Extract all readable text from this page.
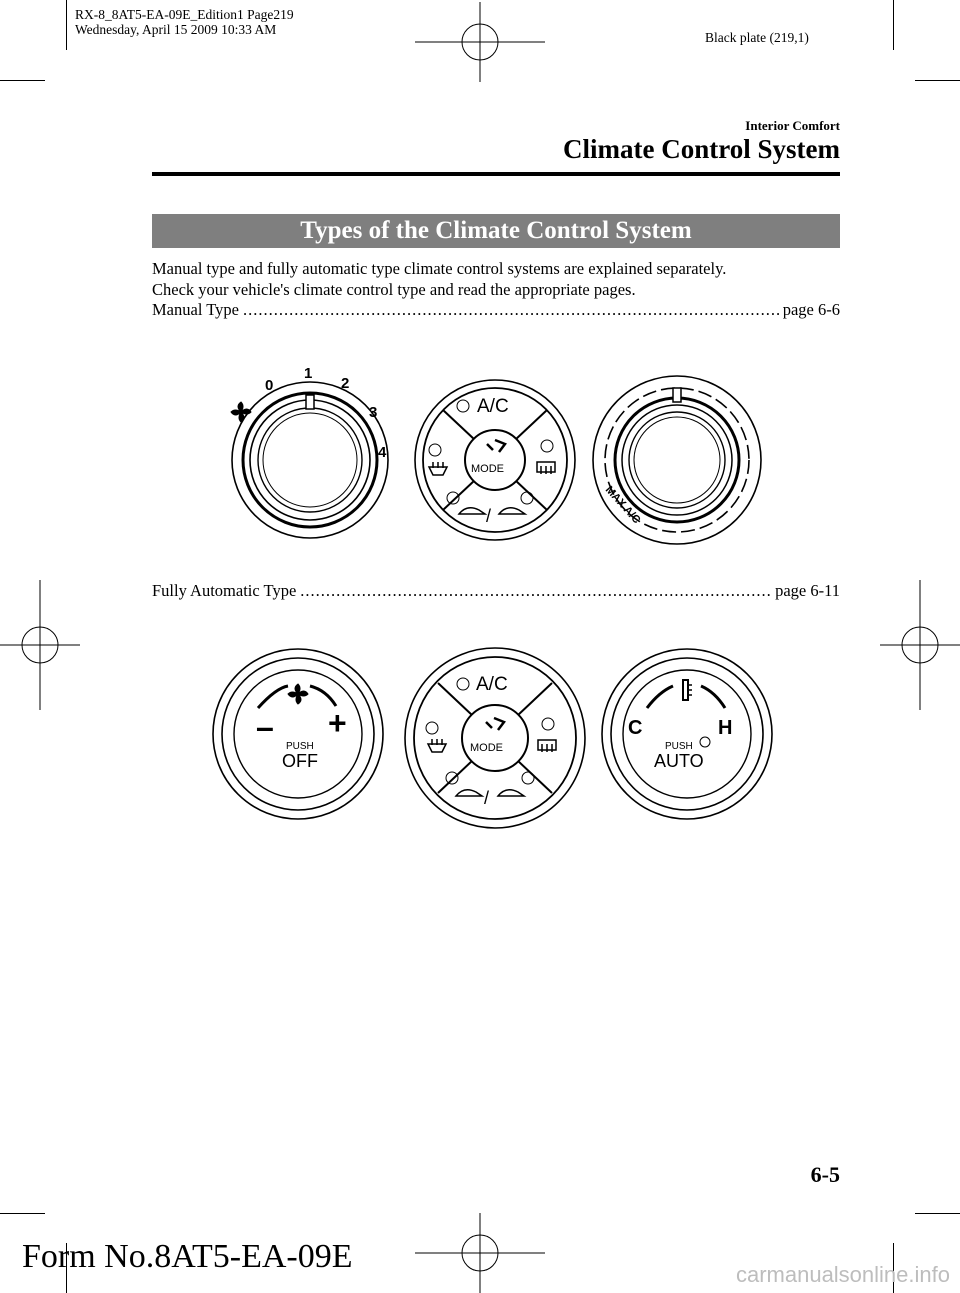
RX-8_8AT5-EA-09E_Edition1 Page219
Wednesday, April 15 2009 10:33 AM
Black plate (219,1)
Interior Comfort
Climate Control System
Types of the Climate Control System
Manual type and fully automatic type climate control systems are explained separately.
Check your vehicle's climate control type and read the appropriate pages.
Manual Type .....	page 6-6
0
1
2
3
4
A/C
MODE
/	MAX A/C
Fully Automatic Type .....	page 6-11
– +
PUSH
OFF
A/C
MODE
/
C	H
PUSH
AUTO
6-5
Form No.8AT5-EA-09E	carmanualsonline.info
